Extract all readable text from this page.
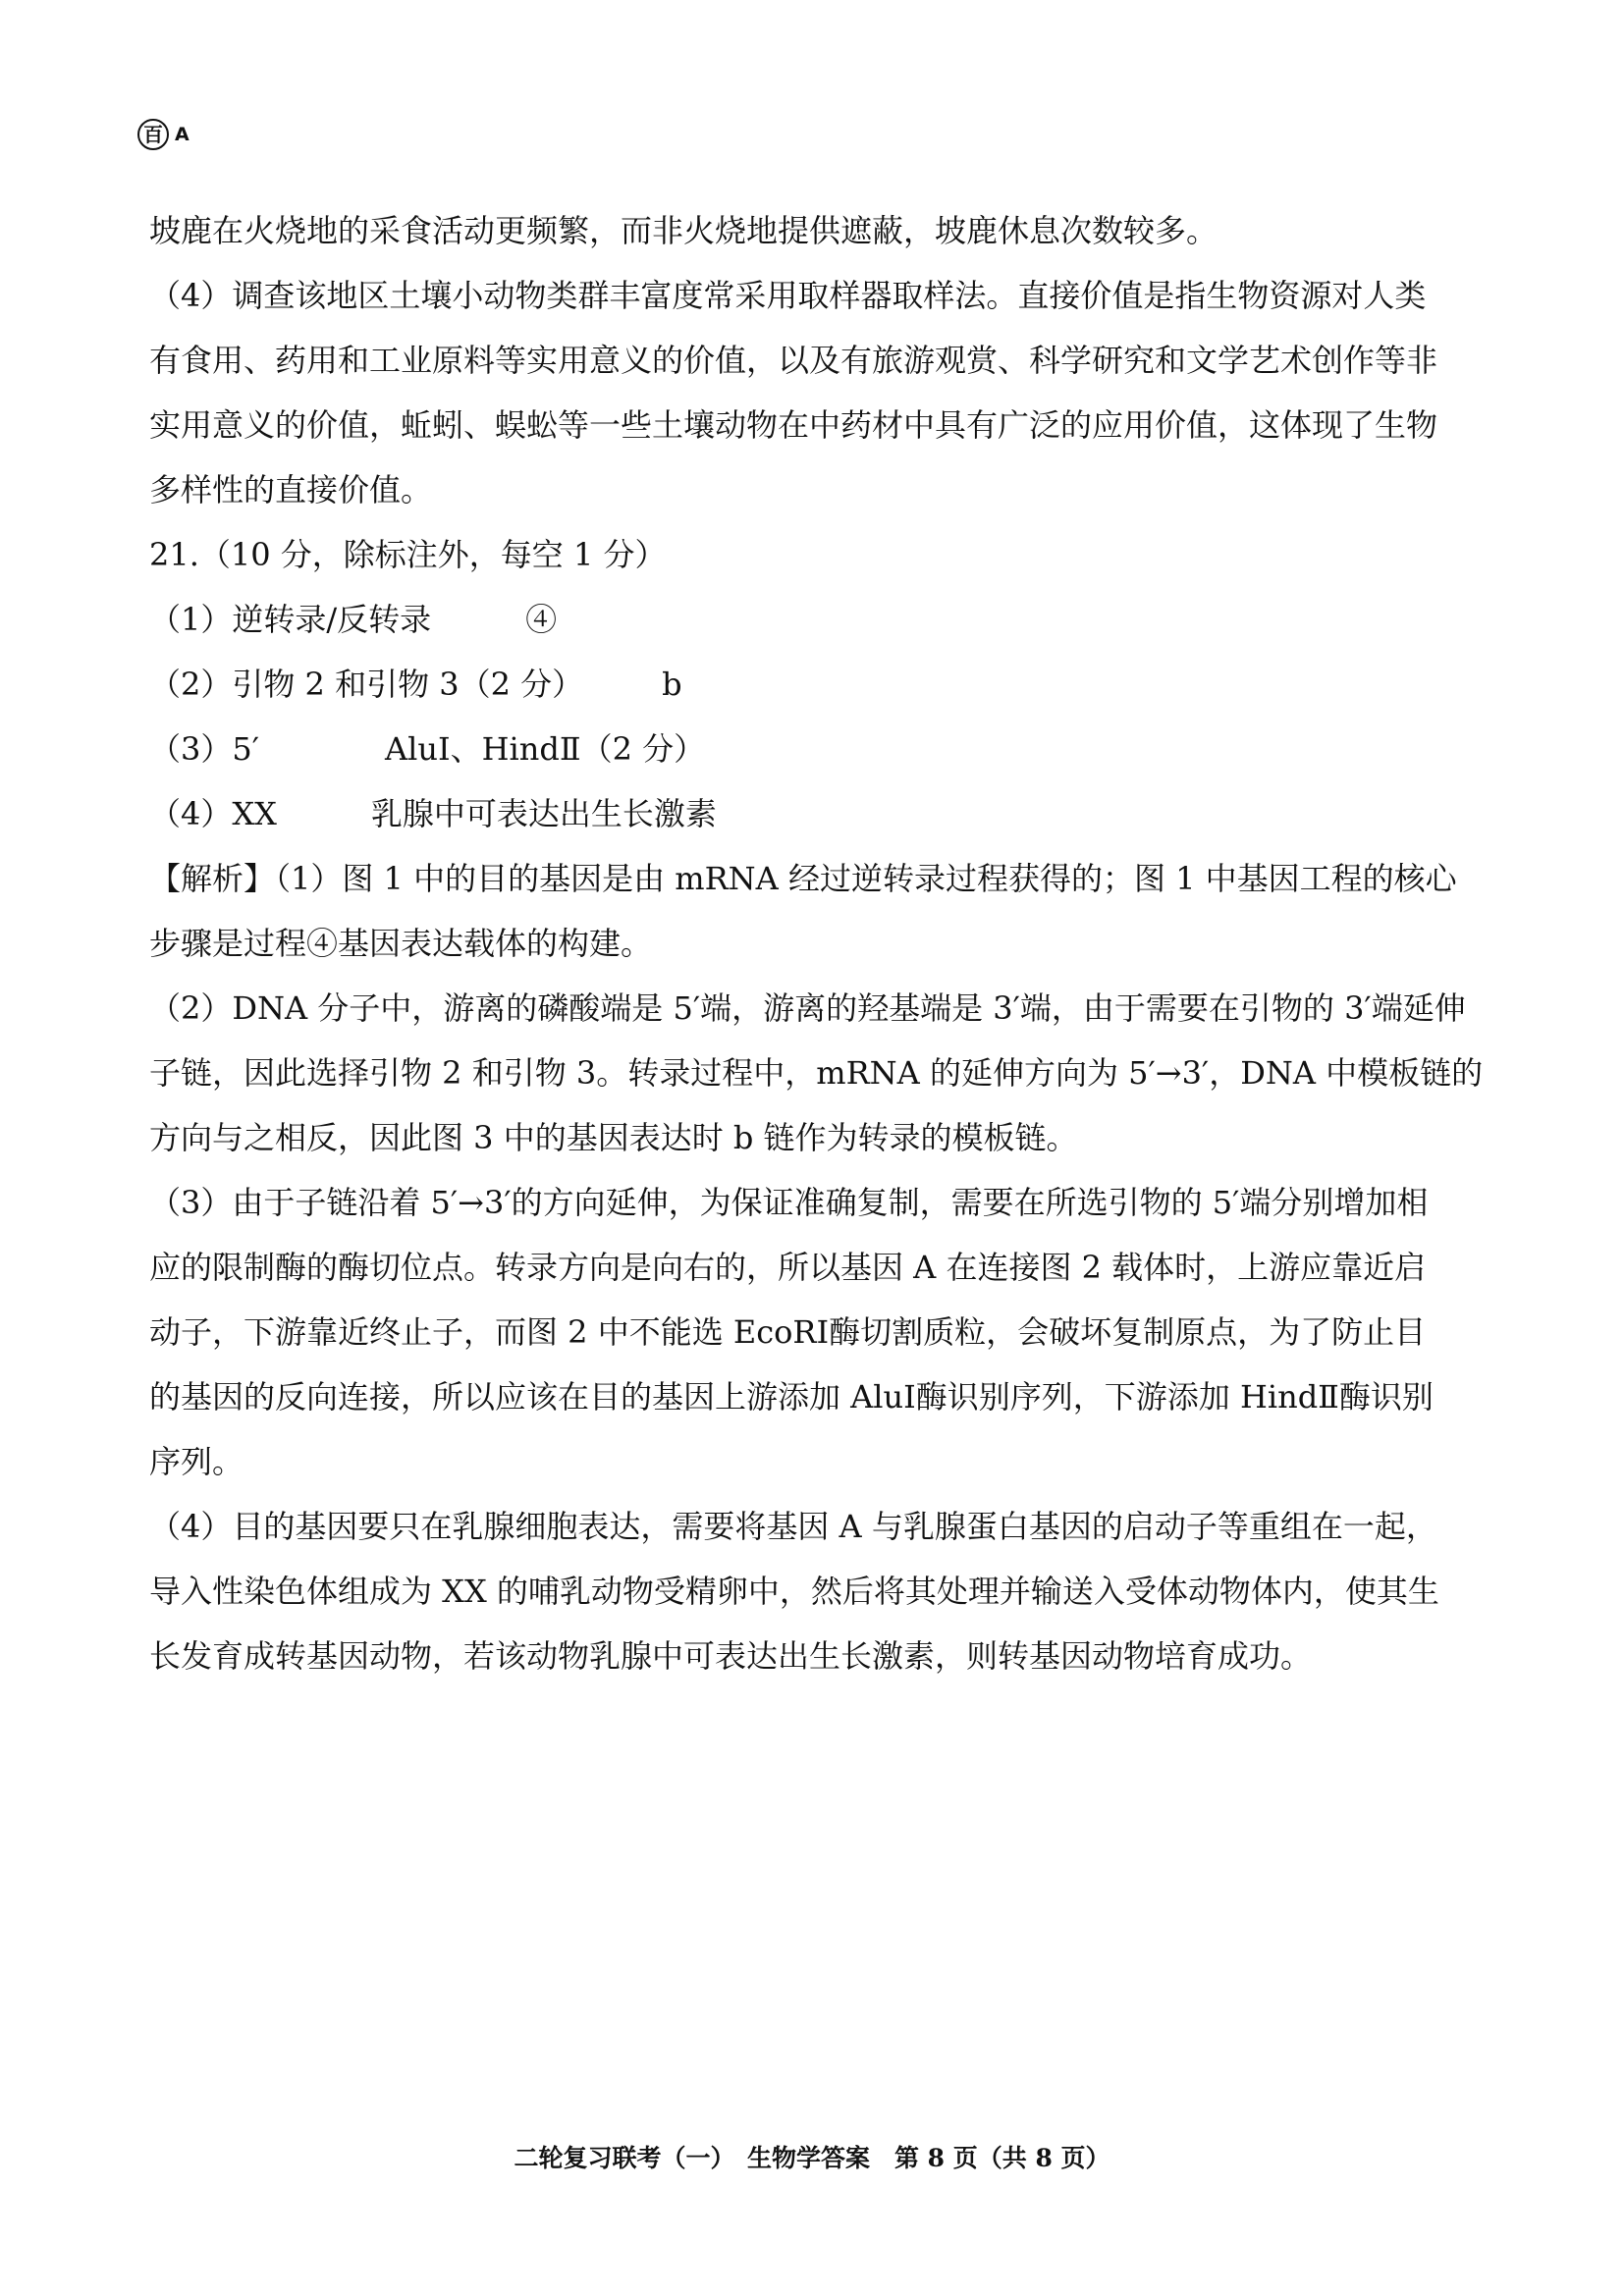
百 A
坡鹿在火烧地的采食活动更频繁，而非火烧地提供遮蔽，坡鹿休息次数较多。
（4）调查该地区土壤小动物类群丰富度常采用取样器取样法。直接价值是指生物资源对人类
有食用、药用和工业原料等实用意义的价值，以及有旅游观赏、科学研究和文学艺术创作等非
实用意义的价值，蚯蚓、蜈蚣等一些土壤动物在中药材中具有广泛的应用价值，这体现了生物
多样性的直接价值。
21.（10 分，除标注外，每空 1 分）
（1）逆转录/反转录　　　④
（2）引物 2 和引物 3（2 分）　　　b
（3）5′　　　　AluⅠ、HindⅡ（2 分）
（4）XX　　　乳腺中可表达出生长激素
【解析】（1）图 1 中的目的基因是由 mRNA 经过逆转录过程获得的；图 1 中基因工程的核心
步骤是过程④基因表达载体的构建。
（2）DNA 分子中，游离的磷酸端是 5′端，游离的羟基端是 3′端，由于需要在引物的 3′端延伸
子链，因此选择引物 2 和引物 3。转录过程中，mRNA 的延伸方向为 5′→3′，DNA 中模板链的
方向与之相反，因此图 3 中的基因表达时 b 链作为转录的模板链。
（3）由于子链沿着 5′→3′的方向延伸，为保证准确复制，需要在所选引物的 5′端分别增加相
应的限制酶的酶切位点。转录方向是向右的，所以基因 A 在连接图 2 载体时，上游应靠近启
动子，下游靠近终止子，而图 2 中不能选 EcoRⅠ酶切割质粒，会破坏复制原点，为了防止目
的基因的反向连接，所以应该在目的基因上游添加 AluⅠ酶识别序列，下游添加 HindⅡ酶识别
序列。
（4）目的基因要只在乳腺细胞表达，需要将基因 A 与乳腺蛋白基因的启动子等重组在一起，
导入性染色体组成为 XX 的哺乳动物受精卵中，然后将其处理并输送入受体动物体内，使其生
长发育成转基因动物，若该动物乳腺中可表达出生长激素，则转基因动物培育成功。
二轮复习联考（一）　生物学答案　第 8 页（共 8 页）
